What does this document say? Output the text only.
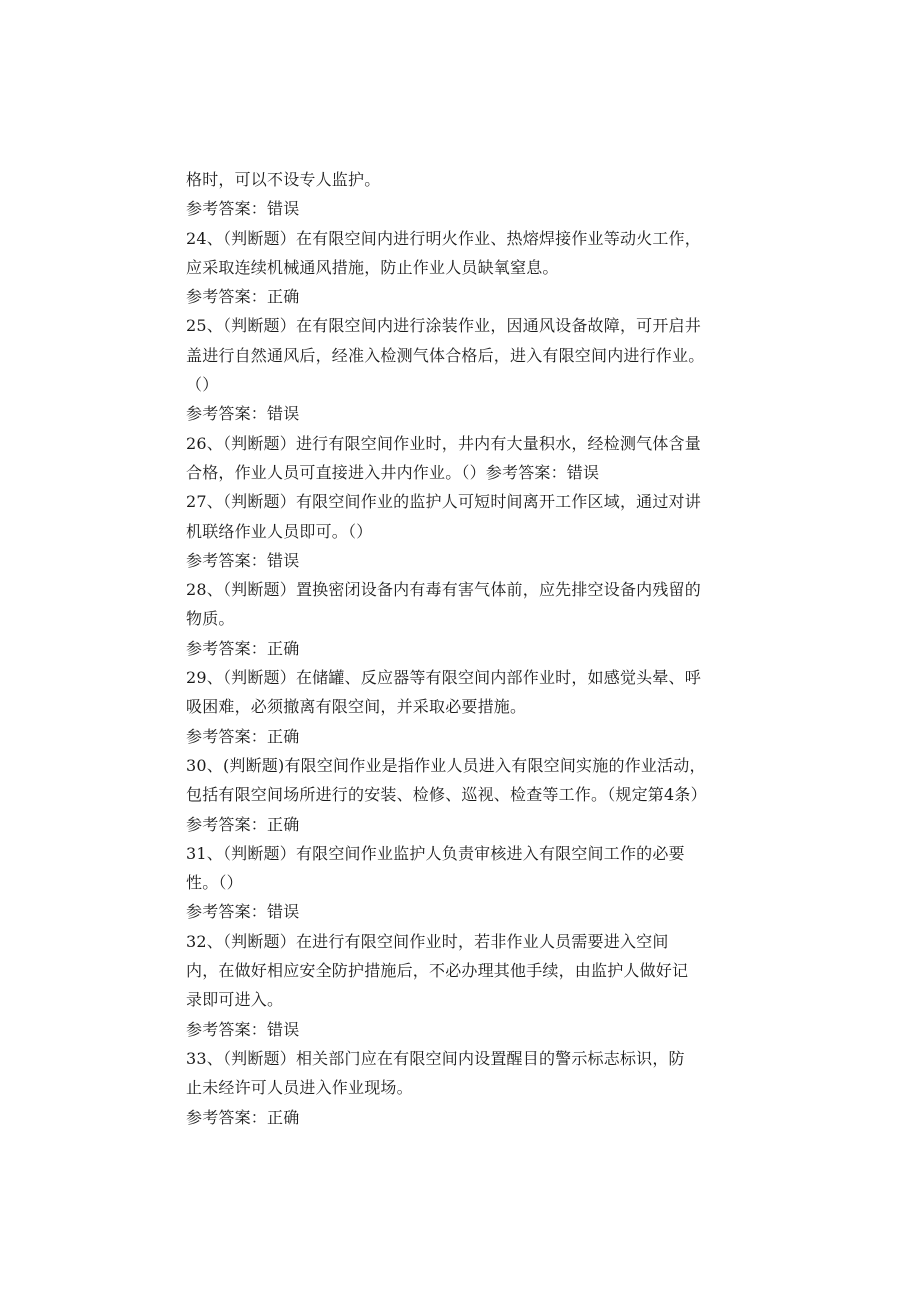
格时，可以不设专人监护。
参考答案：错误
24、（判断题）在有限空间内进行明火作业、热熔焊接作业等动火工作，
应采取连续机械通风措施，防止作业人员缺氧窒息。
参考答案：正确
25、（判断题）在有限空间内进行涂装作业，因通风设备故障，可开启井
盖进行自然通风后，经准入检测气体合格后，进入有限空间内进行作业。
（）
参考答案：错误
26、（判断题）进行有限空间作业时，井内有大量积水，经检测气体含量
合格，作业人员可直接进入井内作业。（）参考答案：错误
27、（判断题）有限空间作业的监护人可短时间离开工作区域，通过对讲
机联络作业人员即可。（）
参考答案：错误
28、（判断题）置换密闭设备内有毒有害气体前，应先排空设备内残留的
物质。
参考答案：正确
29、（判断题）在储罐、反应器等有限空间内部作业时，如感觉头晕、呼
吸困难，必须撤离有限空间，并采取必要措施。
参考答案：正确
30、(判断题)有限空间作业是指作业人员进入有限空间实施的作业活动，
包括有限空间场所进行的安装、检修、巡视、检查等工作。（规定第4条）
参考答案：正确
31、（判断题）有限空间作业监护人负责审核进入有限空间工作的必要
性。（）
参考答案：错误
32、（判断题）在进行有限空间作业时，若非作业人员需要进入空间
内，在做好相应安全防护措施后，不必办理其他手续，由监护人做好记
录即可进入。
参考答案：错误
33、（判断题）相关部门应在有限空间内设置醒目的警示标志标识，防
止未经许可人员进入作业现场。
参考答案：正确
